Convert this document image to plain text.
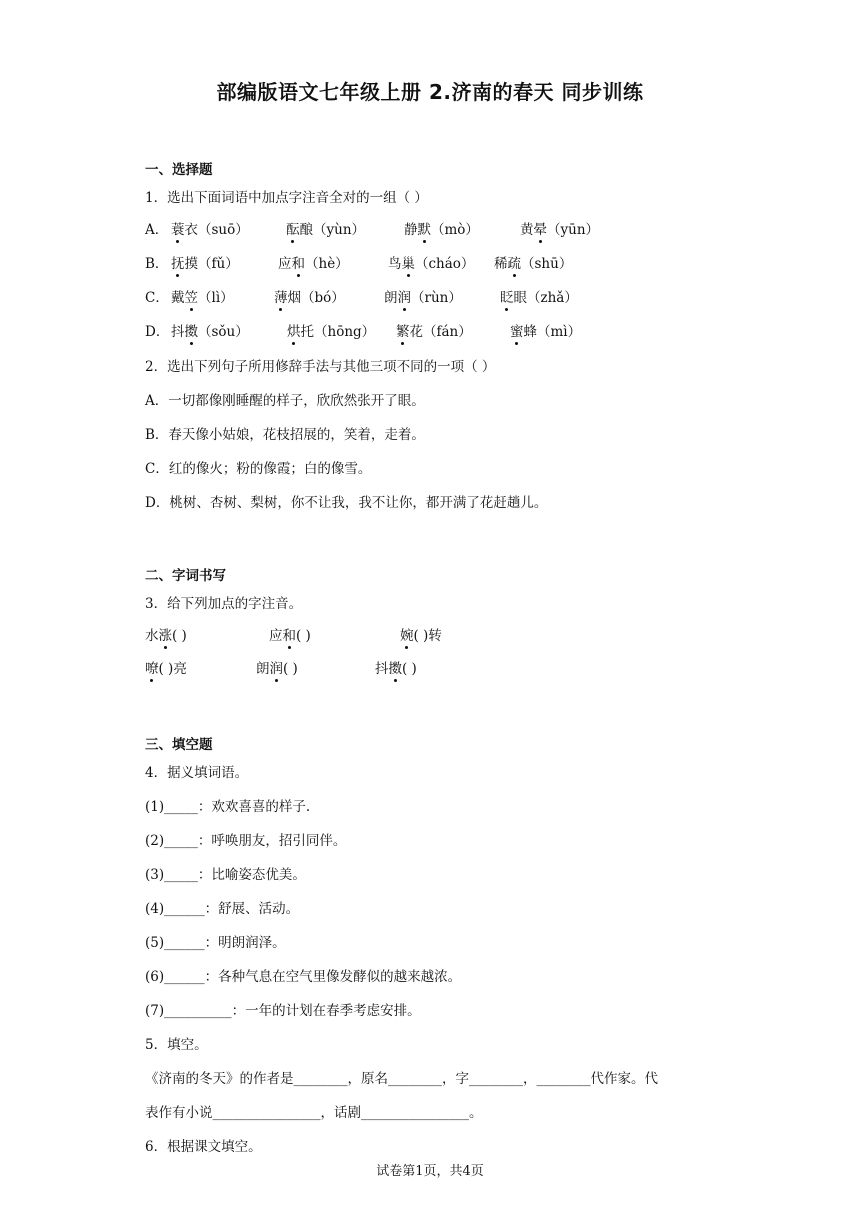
部编版语文七年级上册 2.济南的春天 同步训练
一、选择题
1．选出下面词语中加点字注音全对的一组（ ）
A． 蓑衣（suō）	酝酿（yùn）	静默（mò）	黄晕（yūn）
B． 抚摸（fǔ）	应和（hè）	鸟巢（cháo） 稀疏（shū）
C． 戴笠（lì）	薄烟（bó）	朗润（rùn）	眨眼（zhǎ）
D． 抖擞（sǒu）	烘托（hōng） 繁花（fán）	蜜蜂（mì）
2．选出下列句子所用修辞手法与其他三项不同的一项（ ）
A．一切都像刚睡醒的样子，欣欣然张开了眼。
B．春天像小姑娘，花枝招展的，笑着，走着。
C．红的像火；粉的像霞；白的像雪。
D．桃树、杏树、梨树，你不让我，我不让你，都开满了花赶趟儿。
二、字词书写
3．给下列加点的字注音。
水涨( )	应和( )	婉( )转
嘹( )亮	朗润( )	抖擞( )
三、填空题
4．据义填词语。
(1)_____：欢欢喜喜的样子.
(2)_____：呼唤朋友，招引同伴。
(3)_____：比喻姿态优美。
(4)______：舒展、活动。
(5)______：明朗润泽。
(6)______：各种气息在空气里像发酵似的越来越浓。
(7)__________：一年的计划在春季考虑安排。
5．填空。
《济南的冬天》的作者是________，原名________，字________，________代作家。代
表作有小说________________，话剧________________。
6．根据课文填空。
试卷第1页，共4页
